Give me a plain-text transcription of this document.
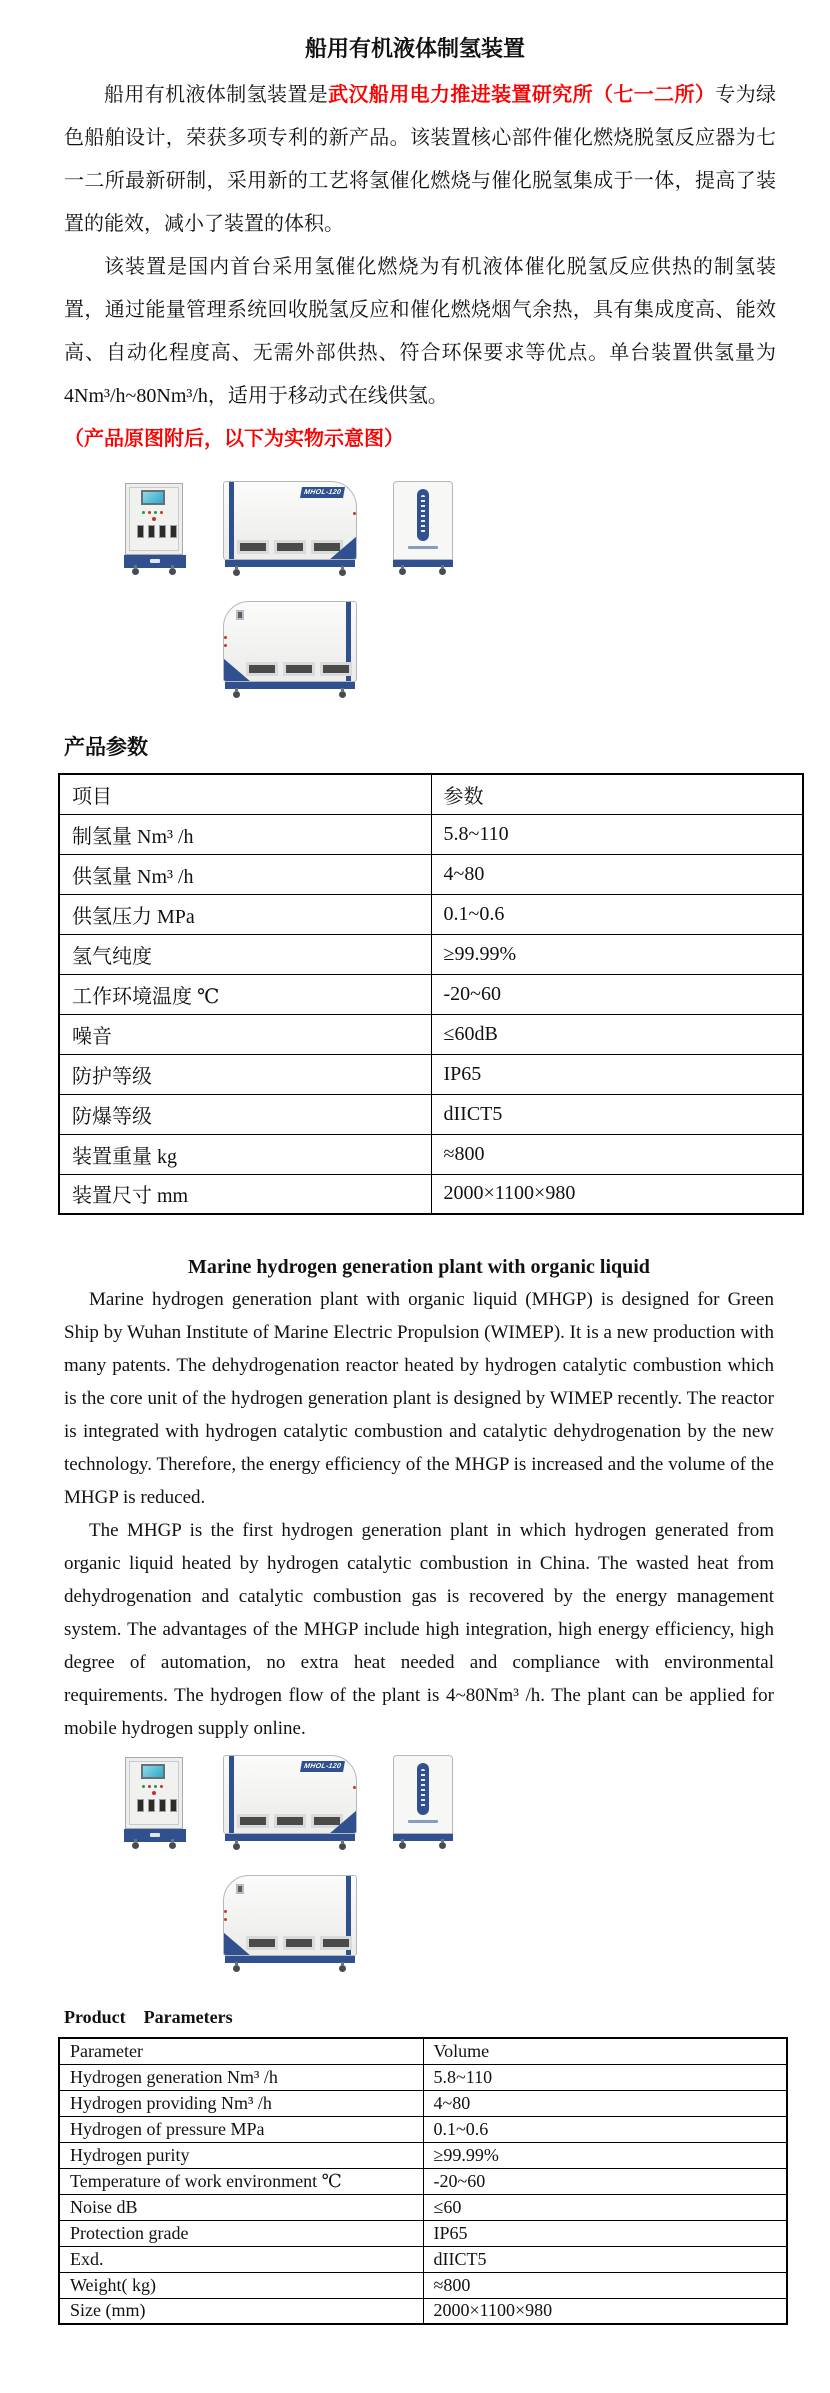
船用有机液体制氢装置

船用有机液体制氢装置是武汉船用电力推进装置研究所（七一二所）专为绿色船舶设计，荣获多项专利的新产品。该装置核心部件催化燃烧脱氢反应器为七一二所最新研制，采用新的工艺将氢催化燃烧与催化脱氢集成于一体，提高了装置的能效，减小了装置的体积。

该装置是国内首台采用氢催化燃烧为有机液体催化脱氢反应供热的制氢装置，通过能量管理系统回收脱氢反应和催化燃烧烟气余热，具有集成度高、能效高、自动化程度高、无需外部供热、符合环保要求等优点。单台装置供氢量为4Nm³/h~80Nm³/h，适用于移动式在线供氢。

（产品原图附后，以下为实物示意图）

MHOL-120
产品参数
项目	参数
制氢量 Nm³ /h	5.8~110
供氢量 Nm³ /h	4~80
供氢压力 MPa	0.1~0.6
氢气纯度	≥99.99%
工作环境温度 ℃	-20~60
噪音	≤60dB
防护等级	IP65
防爆等级	dIICT5
装置重量 kg	≈800
装置尺寸 mm	2000×1100×980
Marine hydrogen generation plant with organic liquid

Marine hydrogen generation plant with organic liquid (MHGP) is designed for Green Ship by Wuhan Institute of Marine Electric Propulsion (WIMEP). It is a new production with many patents. The dehydrogenation reactor heated by hydrogen catalytic combustion which is the core unit of the hydrogen generation plant is designed by WIMEP recently. The reactor is integrated with hydrogen catalytic combustion and catalytic dehydrogenation by the new technology. Therefore, the energy efficiency of the MHGP is increased and the volume of the MHGP is reduced.

The MHGP is the first hydrogen generation plant in which hydrogen generated from organic liquid heated by hydrogen catalytic combustion in China. The wasted heat from dehydrogenation and catalytic combustion gas is recovered by the energy management system. The advantages of the MHGP include high integration, high energy efficiency, high degree of automation, no extra heat needed and compliance with environmental requirements. The hydrogen flow of the plant is 4~80Nm³ /h. The plant can be applied for mobile hydrogen supply online.

MHOL-120
Product    Parameters
Parameter	Volume
Hydrogen generation Nm³ /h	5.8~110
Hydrogen providing Nm³ /h	4~80
Hydrogen of pressure MPa	0.1~0.6
Hydrogen purity	≥99.99%
Temperature of work environment ℃	-20~60
Noise dB	≤60
Protection grade	IP65
Exd.	dIICT5
Weight( kg)	≈800
Size (mm)	2000×1100×980
